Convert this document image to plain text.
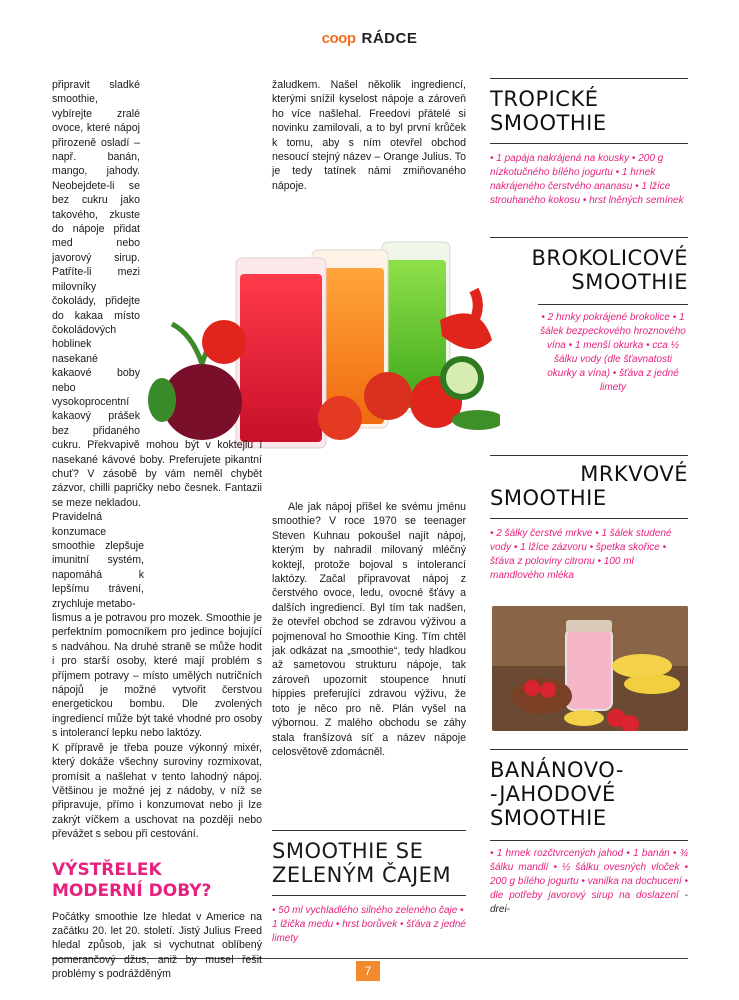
coop RÁDCE

žaludkem. Našel několik ingrediencí, kterými snížil kyselost nápoje a zároveň ho více našlehal. Freedovi přátelé si novinku zamilovali, a to byl první krůček k tomu, aby s ním otevřel obchod nesoucí stejný název – Orange Julius. To je tedy tatínek námi zmiňovaného nápoje.

Ale jak nápoj přišel ke svému jménu smoothie? V roce 1970 se teenager Steven Kuhnau pokoušel najít nápoj, kterým by nahradil milovaný mléčný koktejl, protože bojoval s intolerancí laktózy. Začal připravovat nápoj z čerstvého ovoce, ledu, ovocné šťávy a dalších ingrediencí. Byl tím tak nadšen, že otevřel obchod se zdravou výživou a pojmenoval ho Smoothie King. Tím chtěl jak odkázat na „smoothie“, tedy hladkou až sametovou strukturu nápoje, tak zároveň upozornit stoupence hnutí hippies preferující zdravou výživu, že toto je něco pro ně. Plán vyšel na výbornou. Z malého obchodu se záhy stala franšízová síť a název nápoje celosvětově zdomácněl.

SMOOTHIE SE
ZELENÝM ČAJEM
• 50 ml vychladlého silného zeleného čaje • 1 lžička medu • hrst borůvek • šťáva z jedné limety
TROPICKÉ
SMOOTHIE
• 1 papája nakrájená na kousky • 200 g nízkotučného bílého jogurtu • 1 hrnek nakrájeného čerstvého ananasu • 1 lžíce strouhaného kokosu • hrst lněných semínek
BROKOLICOVÉ
SMOOTHIE
• 2 hrnky pokrájené brokolice • 1 šálek bezpeckového hroznového vína • 1 menší okurka • cca ½ šálku vody (dle šťavnatosti okurky a vína) • šťáva z jedné limety
MRKVOVÉ
SMOOTHIE
• 2 šálky čerstvé mrkve • 1 šálek studené vody • 1 lžíce zázvoru • špetka skořice • šťáva z poloviny citronu • 100 ml mandlového mléka
BANÁNOVO-
-JAHODOVÉ
SMOOTHIE
• 1 hrnek rozčtvrcených jahod • 1 banán • ¾ šálku mandlí • ½ šálku ovesných vloček • 200 g bílého jogurtu • vanilka na dochucení • dle potřeby javorový sirup na doslazení -drei-
7

připravit sladké smoothie, vybírejte zralé ovoce, které nápoj přirozeně osladí – např. banán, mango, jahody. Neobejdete-li se bez cukru jako takového, zkuste do nápoje přidat med nebo javorový sirup. Patříte-li mezi milovníky čokolády, přidejte do kakaa místo čokoládových hoblinek nasekané kakaové boby nebo vysokoprocentní kakaový prášek bez přidaného cukru. Překvapivě mohou být v koktejlu i nasekané kávové boby. Preferujete pikantní chuť? V zásobě by vám neměl chybět zázvor, chilli papričky nebo česnek. Fantazii se meze nekladou.

Pravidelná konzumace smoothie zlepšuje imunitní systém, napomáhá k lepšímu trávení, zrychluje metabo-

lismus a je potravou pro mozek. Smoothie je perfektním pomocníkem pro jedince bojující s nadváhou. Na druhé straně se může hodit i pro starší osoby, které mají problém s příjmem potravy – místo umělých nutričních nápojů je možné vytvořit čerstvou energetickou bombu. Dle zvolených ingrediencí může být také vhodné pro osoby s intolerancí lepku nebo laktózy.

K přípravě je třeba pouze výkonný mixér, který dokáže všechny suroviny rozmixovat, promísit a našlehat v tento lahodný nápoj. Většinou je možné jej z nádoby, v níž se připravuje, přímo i konzumovat nebo ji lze zakrýt víčkem a uschovat na později nebo převážet s sebou při cestování.

VÝSTŘELEK MODERNÍ DOBY?

Počátky smoothie lze hledat v Americe na začátku 20. let 20. století. Jistý Julius Freed hledal způsob, jak si vychutnat oblíbený pomerančový džus, aniž by musel řešit problémy s podrážděným
